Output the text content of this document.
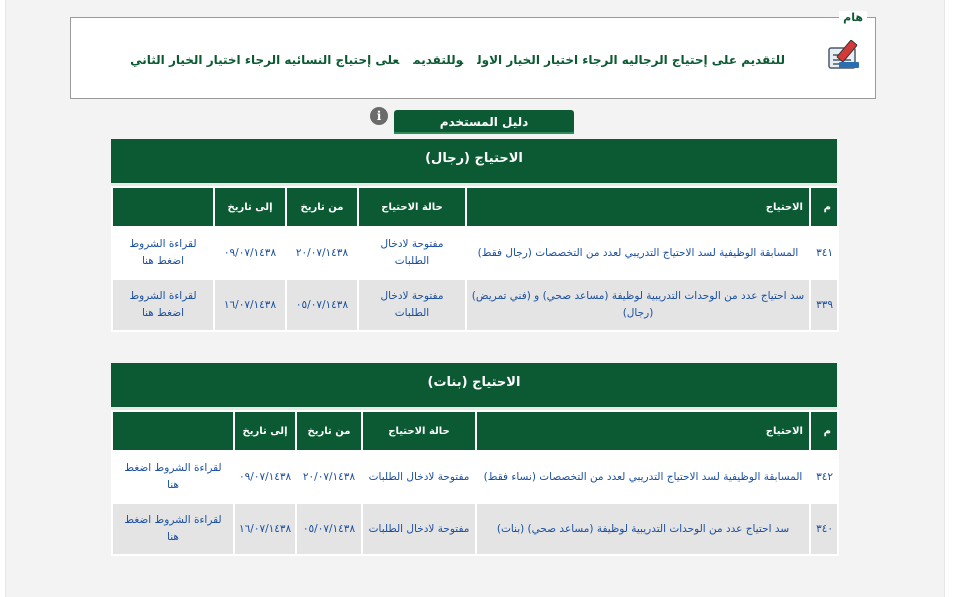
هام
للتقديم على إحتياج الرجاليه الرجاء اختيار الخيار الاولوللتقديمعلى إحتياج النسائيه الرجاء اختيار الخيار الثاني
i	دليل المستخدم
الاحتياج (رجال)
م	الاحتياج	حالة الاحتياج	من تاريخ	إلى تاريخ	
٣٤١	المسابقة الوظيفية لسد الاحتياج التدريبي لعدد من التخصصات (رجال فقط)	مفتوحة لادخال الطلبات	٢٠/٠٧/١٤٣٨	٠٩/٠٧/١٤٣٨	لقراءة الشروط اضغط هنا
٣٣٩	سد احتياج عدد من الوحدات التدريبية لوظيفة (مساعد صحي) و (فني تمريض) (رجال)	مفتوحة لادخال الطلبات	٠٥/٠٧/١٤٣٨	١٦/٠٧/١٤٣٨	لقراءة الشروط اضغط هنا
الاحتياج (بنات)
م	الاحتياج	حالة الاحتياج	من تاريخ	إلى تاريخ	
٣٤٢	المسابقة الوظيفية لسد الاحتياج التدريبي لعدد من التخصصات (نساء فقط)	مفتوحة لادخال الطلبات	٢٠/٠٧/١٤٣٨	٠٩/٠٧/١٤٣٨	لقراءة الشروط اضغط هنا
٣٤٠	سد احتياج عدد من الوحدات التدريبية لوظيفة (مساعد صحي) (بنات)	مفتوحة لادخال الطلبات	٠٥/٠٧/١٤٣٨	١٦/٠٧/١٤٣٨	لقراءة الشروط اضغط هنا
